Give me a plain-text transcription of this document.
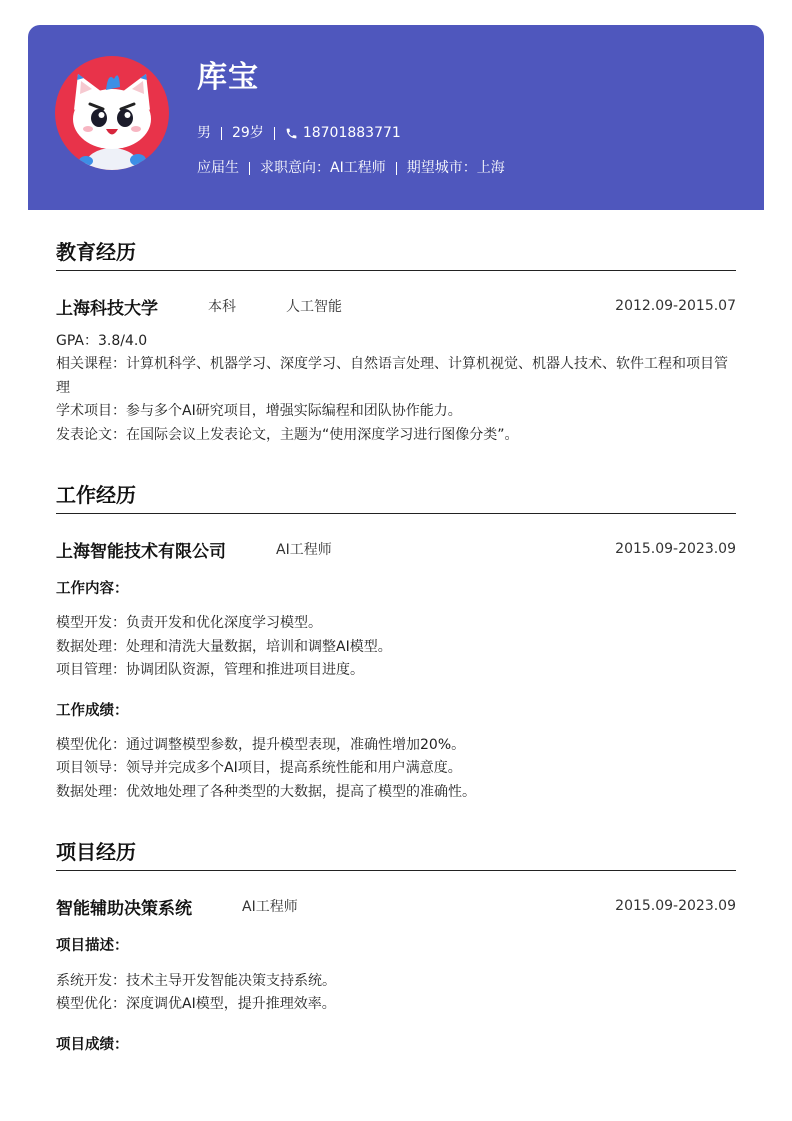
库宝
男 29岁	18701883771
应届生 求职意向：AI工程师 期望城市：上海
教育经历
上海科技大学	本科	人工智能	2012.09-2015.07

GPA：3.8/4.0

相关课程：计算机科学、机器学习、深度学习、自然语言处理、计算机视觉、机器人技术、软件工程和项目管理

学术项目：参与多个AI研究项目，增强实际编程和团队协作能力。

发表论文：在国际会议上发表论文，主题为“使用深度学习进行图像分类”。

工作经历
上海智能技术有限公司	AI工程师	2015.09-2023.09
工作内容：

模型开发：负责开发和优化深度学习模型。

数据处理：处理和清洗大量数据，培训和调整AI模型。

项目管理：协调团队资源，管理和推进项目进度。

工作成绩：

模型优化：通过调整模型参数，提升模型表现，准确性增加20%。

项目领导：领导并完成多个AI项目，提高系统性能和用户满意度。

数据处理：优效地处理了各种类型的大数据，提高了模型的准确性。

项目经历
智能辅助决策系统	AI工程师	2015.09-2023.09
项目描述：

系统开发：技术主导开发智能决策支持系统。

模型优化：深度调优AI模型，提升推理效率。

项目成绩：
